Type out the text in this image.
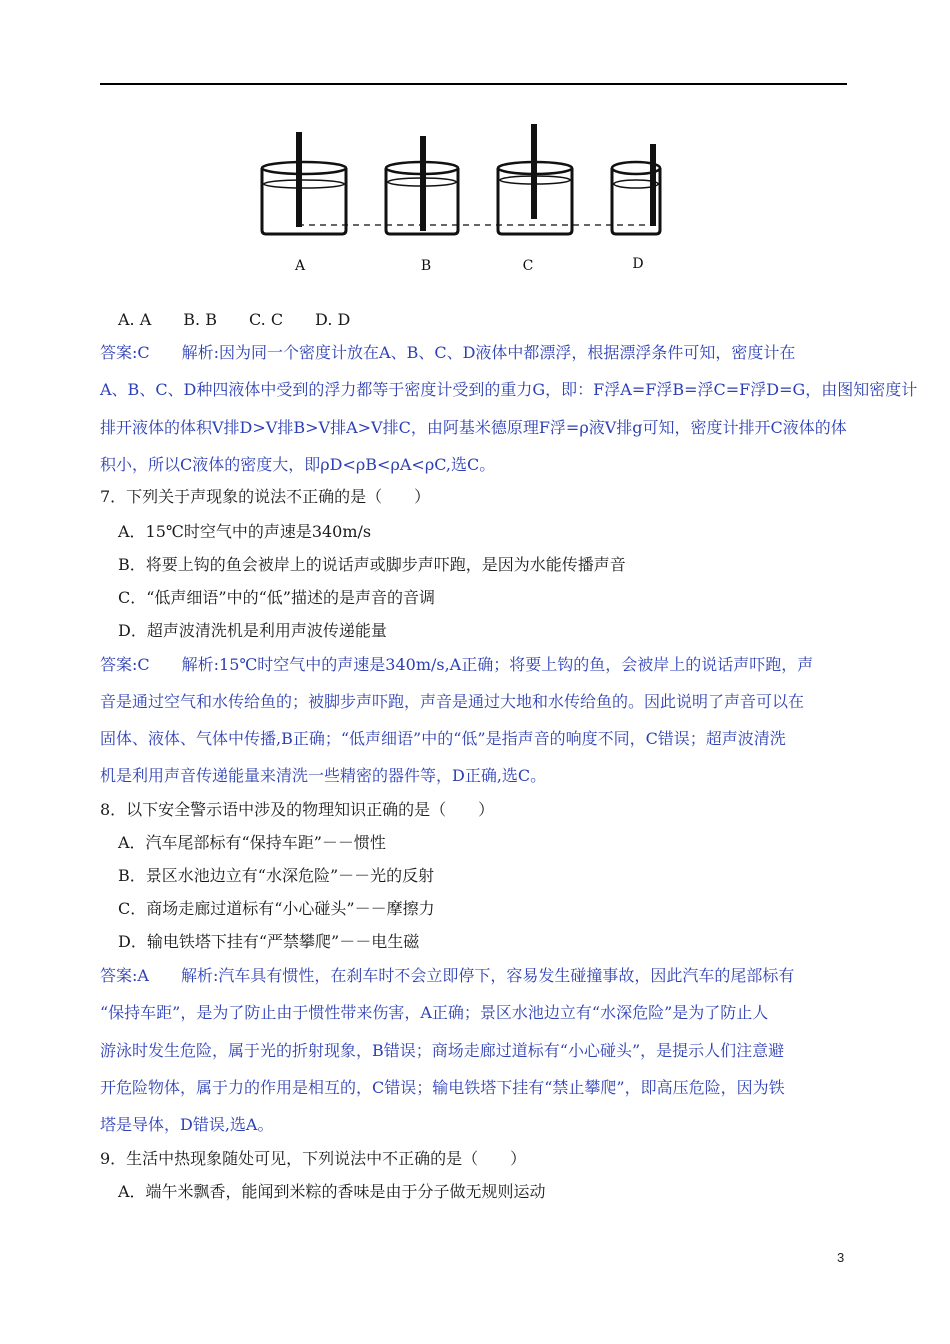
A	B	C	D
A. A　　B. B　　C. C　　D. D
答案:C　　解析:因为同一个密度计放在A、B、C、D液体中都漂浮，根据漂浮条件可知，密度计在
A、B、C、D种四液体中受到的浮力都等于密度计受到的重力G，即：F浮A=F浮B=浮C=F浮D=G，由图知密度计
排开液体的体积V排D>V排B>V排A>V排C，由阿基米德原理F浮=ρ液V排g可知，密度计排开C液体的体
积小，所以C液体的密度大，即ρD<ρB<ρA<ρC,选C。
7．下列关于声现象的说法不正确的是（　　）
A．15℃时空气中的声速是340m/s
B．将要上钩的鱼会被岸上的说话声或脚步声吓跑，是因为水能传播声音
C．“低声细语”中的“低”描述的是声音的音调
D．超声波清洗机是利用声波传递能量
答案:C　　解析:15℃时空气中的声速是340m/s,A正确；将要上钩的鱼，会被岸上的说话声吓跑，声
音是通过空气和水传给鱼的；被脚步声吓跑，声音是通过大地和水传给鱼的。因此说明了声音可以在
固体、液体、气体中传播,B正确；“低声细语”中的“低”是指声音的响度不同，C错误；超声波清洗
机是利用声音传递能量来清洗一些精密的器件等，D正确,选C。
8．以下安全警示语中涉及的物理知识正确的是（　　）
A．汽车尾部标有“保持车距”－－惯性
B．景区水池边立有“水深危险”－－光的反射
C．商场走廊过道标有“小心碰头”－－摩擦力
D．输电铁塔下挂有“严禁攀爬”－－电生磁
答案:A　　解析:汽车具有惯性，在刹车时不会立即停下，容易发生碰撞事故，因此汽车的尾部标有
“保持车距”，是为了防止由于惯性带来伤害，A正确；景区水池边立有“水深危险”是为了防止人
游泳时发生危险，属于光的折射现象，B错误；商场走廊过道标有“小心碰头”，是提示人们注意避
开危险物体，属于力的作用是相互的，C错误；输电铁塔下挂有“禁止攀爬”，即高压危险，因为铁
塔是导体，D错误,选A。
9．生活中热现象随处可见，下列说法中不正确的是（　　）
A．端午米飘香，能闻到米粽的香味是由于分子做无规则运动
3
